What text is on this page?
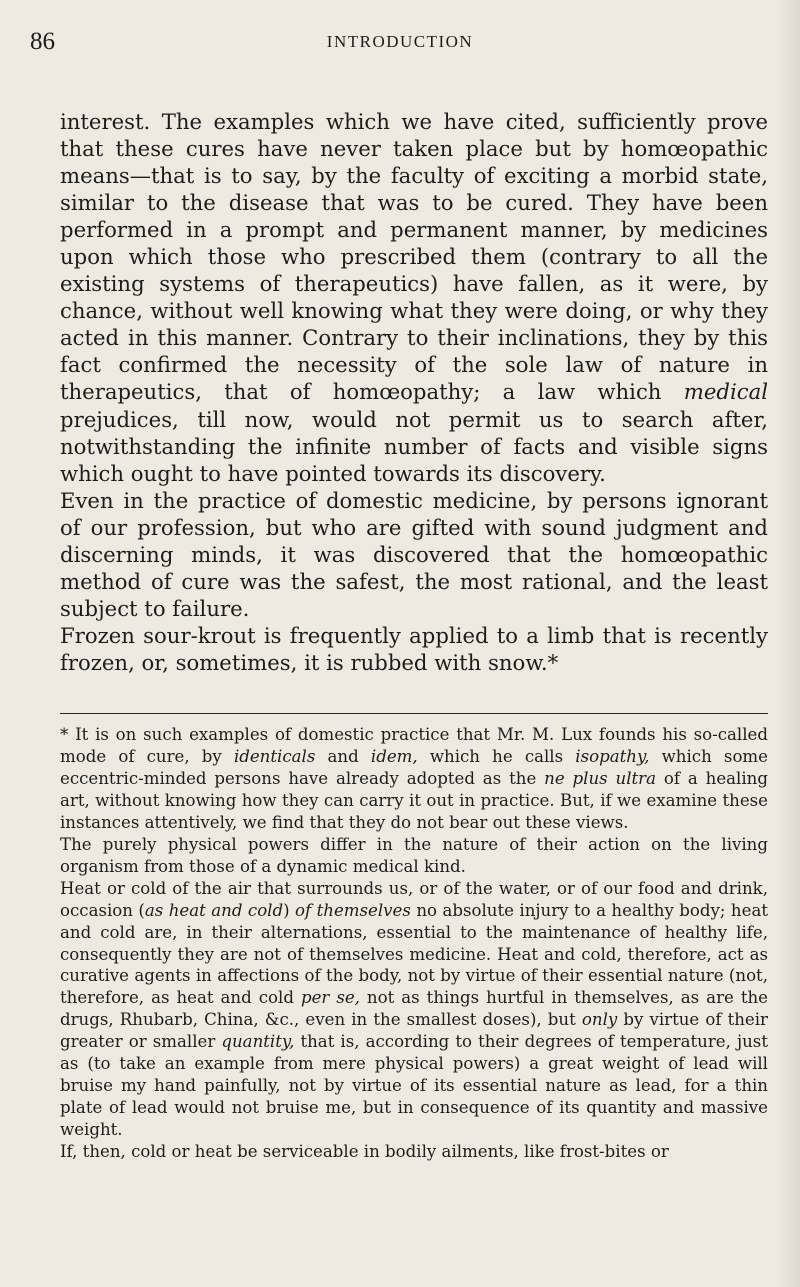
86	INTRODUCTION

interest. The examples which we have cited, sufficiently prove that these cures have never taken place but by homœopathic means—that is to say, by the faculty of exciting a morbid state, similar to the disease that was to be cured. They have been performed in a prompt and permanent manner, by medicines upon which those who prescribed them (contrary to all the existing systems of therapeutics) have fallen, as it were, by chance, without well knowing what they were doing, or why they acted in this manner. Contrary to their inclinations, they by this fact confirmed the necessity of the sole law of nature in therapeutics, that of homœopathy; a law which medical prejudices, till now, would not permit us to search after, notwithstanding the infinite number of facts and visible signs which ought to have pointed towards its discovery.

Even in the practice of domestic medicine, by persons ignorant of our profession, but who are gifted with sound judgment and discerning minds, it was discovered that the homœopathic method of cure was the safest, the most rational, and the least subject to failure.

Frozen sour-krout is frequently applied to a limb that is recently frozen, or, sometimes, it is rubbed with snow.*

* It is on such examples of domestic practice that Mr. M. Lux founds his so-called mode of cure, by identicals and idem, which he calls isopathy, which some eccentric-minded persons have already adopted as the ne plus ultra of a healing art, without knowing how they can carry it out in practice. But, if we examine these instances attentively, we find that they do not bear out these views.

The purely physical powers differ in the nature of their action on the living organism from those of a dynamic medical kind.

Heat or cold of the air that surrounds us, or of the water, or of our food and drink, occasion (as heat and cold) of themselves no absolute injury to a healthy body; heat and cold are, in their alternations, essential to the maintenance of healthy life, consequently they are not of themselves medicine. Heat and cold, therefore, act as curative agents in affections of the body, not by virtue of their essential nature (not, therefore, as heat and cold per se, not as things hurtful in themselves, as are the drugs, Rhubarb, China, &c., even in the smallest doses), but only by virtue of their greater or smaller quantity, that is, according to their degrees of temperature, just as (to take an example from mere physical powers) a great weight of lead will bruise my hand painfully, not by virtue of its essential nature as lead, for a thin plate of lead would not bruise me, but in consequence of its quantity and massive weight.

If, then, cold or heat be serviceable in bodily ailments, like frost-bites or
